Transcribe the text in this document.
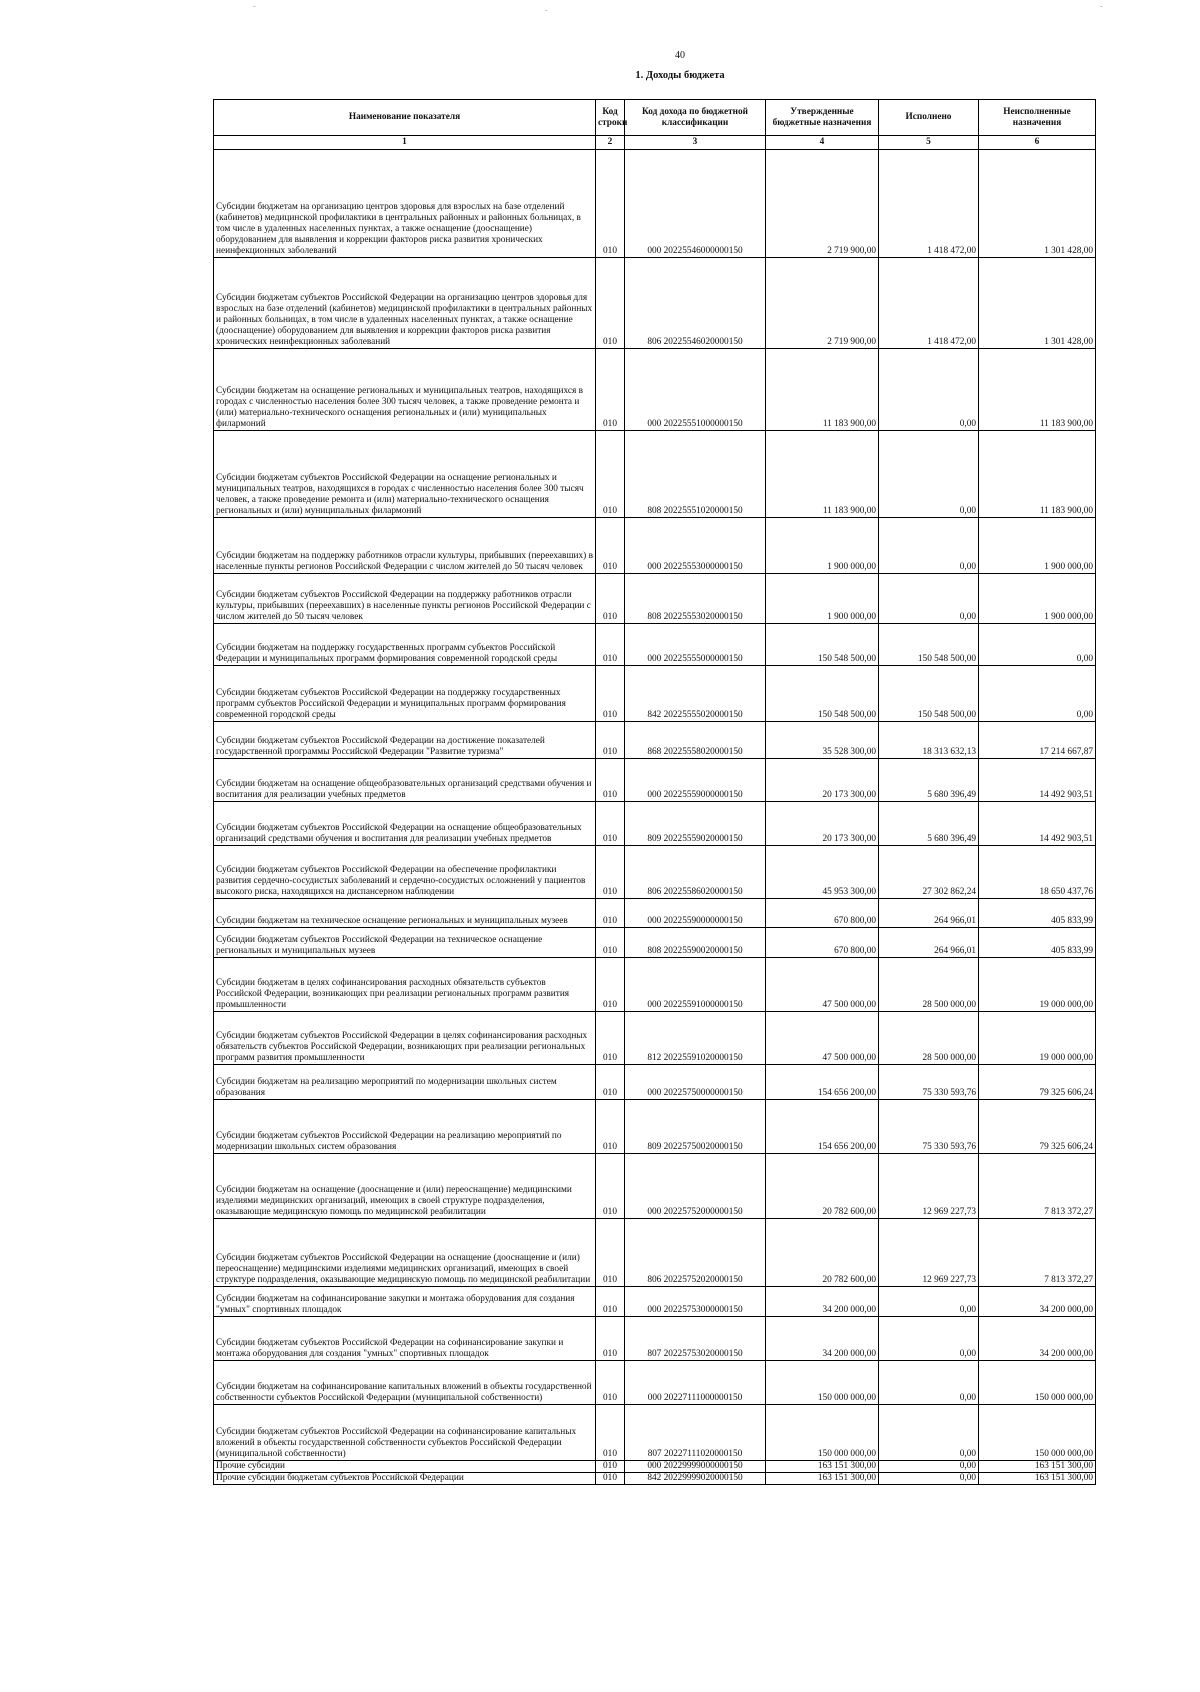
40
1. Доходы бюджета
ˉ	ˉ	ˉ
Наименование показателя	Код строки	Код дохода по бюджетной классификации	Утвержденные бюджетные назначения	Исполнено	Неисполненные назначения
1	2	3	4	5	6
Субсидии бюджетам на организацию центров здоровья для взрослых на базе отделений (кабинетов) медицинской профилактики в центральных районных и районных больницах, в том числе в удаленных населенных пунктах, а также оснащение (дооснащение) оборудованием для выявления и коррекции факторов риска развития хронических неинфекционных заболеваний	010	000 20225546000000150	2 719 900,00	1 418 472,00	1 301 428,00
Субсидии бюджетам субъектов Российской Федерации на организацию центров здоровья для взрослых на базе отделений (кабинетов) медицинской профилактики в центральных районных и районных больницах, в том числе в удаленных населенных пунктах, а также оснащение (дооснащение) оборудованием для выявления и коррекции факторов риска развития хронических неинфекционных заболеваний	010	806 20225546020000150	2 719 900,00	1 418 472,00	1 301 428,00
Субсидии бюджетам на оснащение региональных и муниципальных театров, находящихся в городах с численностью населения более 300 тысяч человек, а также проведение ремонта и (или) материально-технического оснащения региональных и (или) муниципальных филармоний	010	000 20225551000000150	11 183 900,00	0,00	11 183 900,00
Субсидии бюджетам субъектов Российской Федерации на оснащение региональных и муниципальных театров, находящихся в городах с численностью населения более 300 тысяч человек, а также проведение ремонта и (или) материально-технического оснащения региональных и (или) муниципальных филармоний	010	808 20225551020000150	11 183 900,00	0,00	11 183 900,00
Субсидии бюджетам на поддержку работников отрасли культуры, прибывших (переехавших) в населенные пункты регионов Российской Федерации с числом жителей до 50 тысяч человек	010	000 20225553000000150	1 900 000,00	0,00	1 900 000,00
Субсидии бюджетам субъектов Российской Федерации на поддержку работников отрасли культуры, прибывших (переехавших) в населенные пункты регионов Российской Федерации с числом жителей до 50 тысяч человек	010	808 20225553020000150	1 900 000,00	0,00	1 900 000,00
Субсидии бюджетам на поддержку государственных программ субъектов Российской Федерации и муниципальных программ формирования современной городской среды	010	000 20225555000000150	150 548 500,00	150 548 500,00	0,00
Субсидии бюджетам субъектов Российской Федерации на поддержку государственных программ субъектов Российской Федерации и муниципальных программ формирования современной городской среды	010	842 20225555020000150	150 548 500,00	150 548 500,00	0,00
Субсидии бюджетам субъектов Российской Федерации на достижение показателей государственной программы Российской Федерации "Развитие туризма"	010	868 20225558020000150	35 528 300,00	18 313 632,13	17 214 667,87
Субсидии бюджетам на оснащение общеобразовательных организаций средствами обучения и воспитания для реализации учебных предметов	010	000 20225559000000150	20 173 300,00	5 680 396,49	14 492 903,51
Субсидии бюджетам субъектов Российской Федерации на оснащение общеобразовательных организаций средствами обучения и воспитания для реализации учебных предметов	010	809 20225559020000150	20 173 300,00	5 680 396,49	14 492 903,51
Субсидии бюджетам субъектов Российской Федерации на обеспечение профилактики развития сердечно-сосудистых заболеваний и сердечно-сосудистых осложнений у пациентов высокого риска, находящихся на диспансерном наблюдении	010	806 20225586020000150	45 953 300,00	27 302 862,24	18 650 437,76
Субсидии бюджетам на техническое оснащение региональных и муниципальных музеев	010	000 20225590000000150	670 800,00	264 966,01	405 833,99
Субсидии бюджетам субъектов Российской Федерации на техническое оснащение региональных и муниципальных музеев	010	808 20225590020000150	670 800,00	264 966,01	405 833,99
Субсидии бюджетам в целях софинансирования расходных обязательств субъектов Российской Федерации, возникающих при реализации региональных программ развития промышленности	010	000 20225591000000150	47 500 000,00	28 500 000,00	19 000 000,00
Субсидии бюджетам субъектов Российской Федерации в целях софинансирования расходных обязательств субъектов Российской Федерации, возникающих при реализации региональных программ развития промышленности	010	812 20225591020000150	47 500 000,00	28 500 000,00	19 000 000,00
Субсидии бюджетам на реализацию мероприятий по модернизации школьных систем образования	010	000 20225750000000150	154 656 200,00	75 330 593,76	79 325 606,24
Субсидии бюджетам субъектов Российской Федерации на реализацию мероприятий по модернизации школьных систем образования	010	809 20225750020000150	154 656 200,00	75 330 593,76	79 325 606,24
Субсидии бюджетам на оснащение (дооснащение и (или) переоснащение) медицинскими изделиями медицинских организаций, имеющих в своей структуре подразделения, оказывающие медицинскую помощь по медицинской реабилитации	010	000 20225752000000150	20 782 600,00	12 969 227,73	7 813 372,27
Субсидии бюджетам субъектов Российской Федерации на оснащение (дооснащение и (или) переоснащение) медицинскими изделиями медицинских организаций, имеющих в своей структуре подразделения, оказывающие медицинскую помощь по медицинской реабилитации	010	806 20225752020000150	20 782 600,00	12 969 227,73	7 813 372,27
Субсидии бюджетам на софинансирование закупки и монтажа оборудования для создания "умных" спортивных площадок	010	000 20225753000000150	34 200 000,00	0,00	34 200 000,00
Субсидии бюджетам субъектов Российской Федерации на софинансирование закупки и монтажа оборудования для создания "умных" спортивных площадок	010	807 20225753020000150	34 200 000,00	0,00	34 200 000,00
Субсидии бюджетам на софинансирование капитальных вложений в объекты государственной собственности субъектов Российской Федерации (муниципальной собственности)	010	000 20227111000000150	150 000 000,00	0,00	150 000 000,00
Субсидии бюджетам субъектов Российской Федерации на софинансирование капитальных вложений в объекты государственной собственности субъектов Российской Федерации (муниципальной собственности)	010	807 20227111020000150	150 000 000,00	0,00	150 000 000,00
Прочие субсидии	010	000 20229999000000150	163 151 300,00	0,00	163 151 300,00
Прочие субсидии бюджетам субъектов Российской Федерации	010	842 20229999020000150	163 151 300,00	0,00	163 151 300,00
